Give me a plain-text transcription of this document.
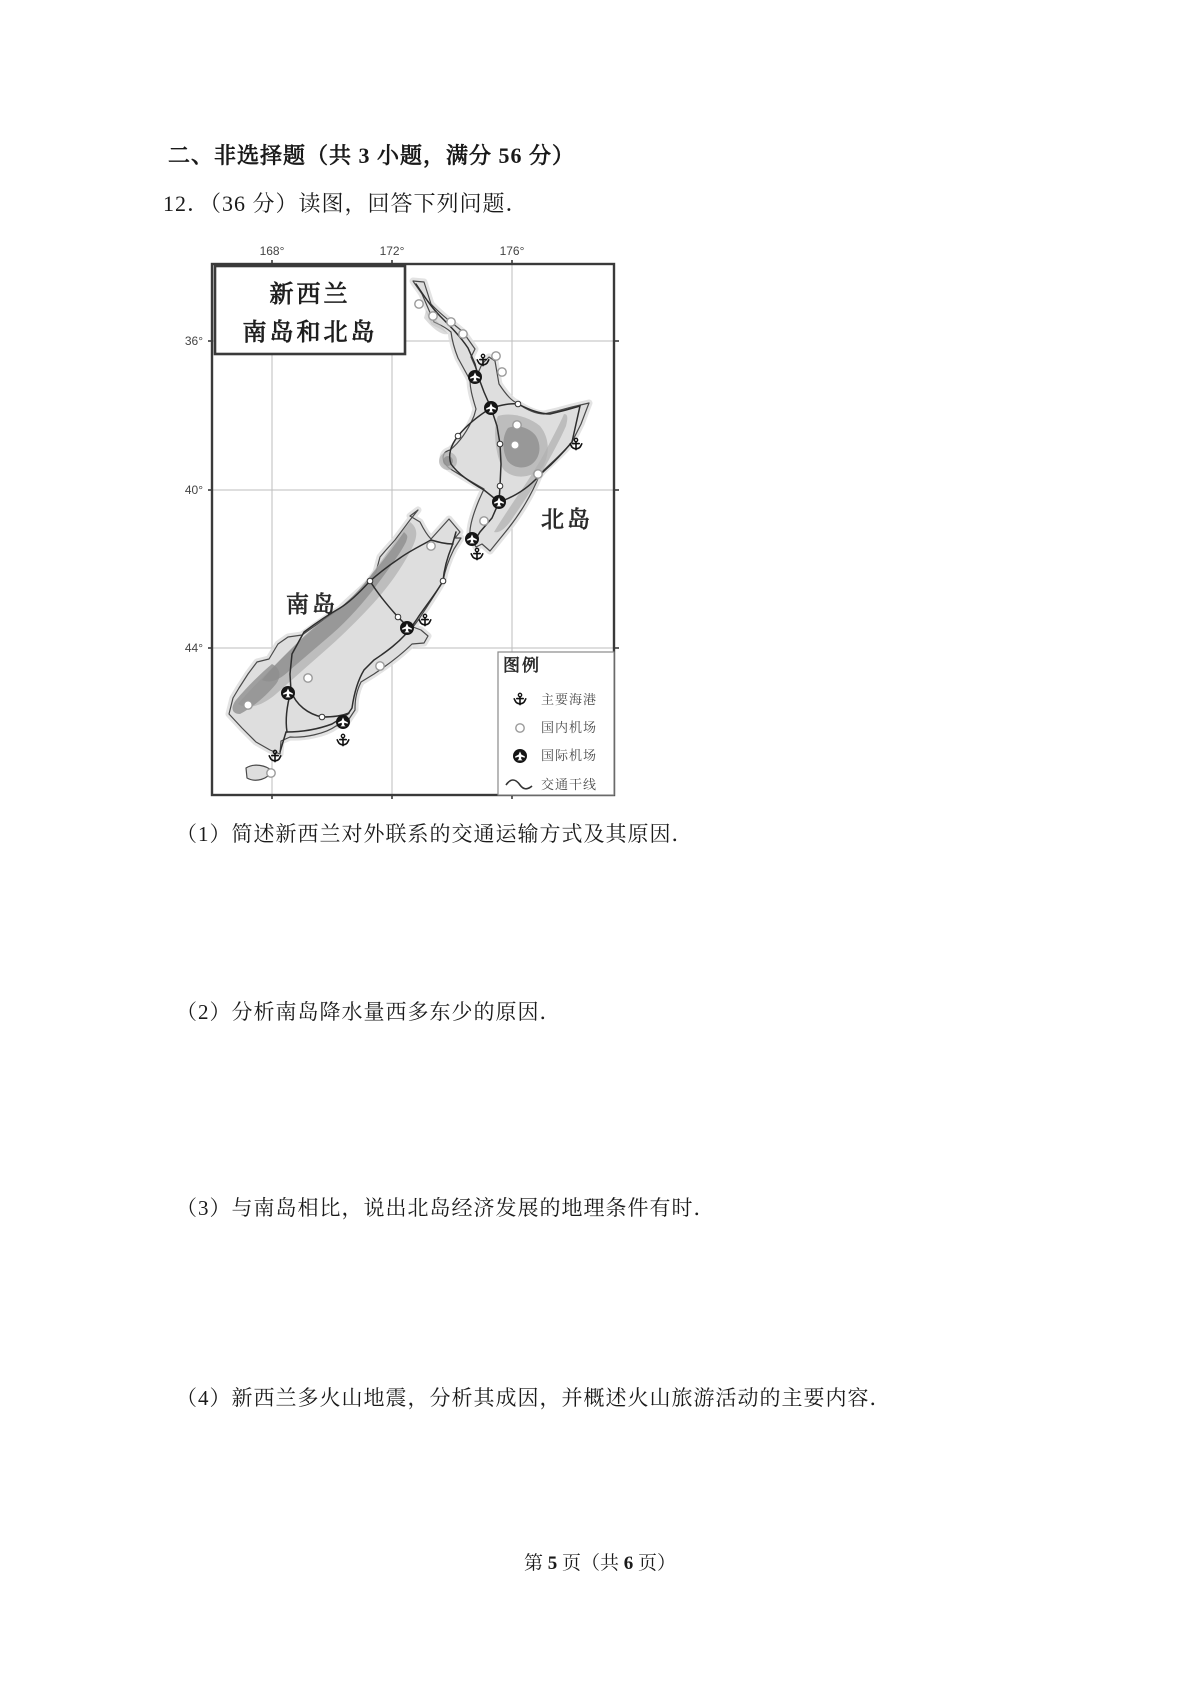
二、非选择题（共 3 小题，满分 56 分）
12．（36 分）读图，回答下列问题．
168°	172°	176°
36°
40°
44°
新西兰
南岛和北岛
北岛
南岛
图例
主要海港
国内机场
国际机场
交通干线
（1）简述新西兰对外联系的交通运输方式及其原因．
（2）分析南岛降水量西多东少的原因．
（3）与南岛相比，说出北岛经济发展的地理条件有时．
（4）新西兰多火山地震，分析其成因，并概述火山旅游活动的主要内容．
第 5 页（共 6 页）
